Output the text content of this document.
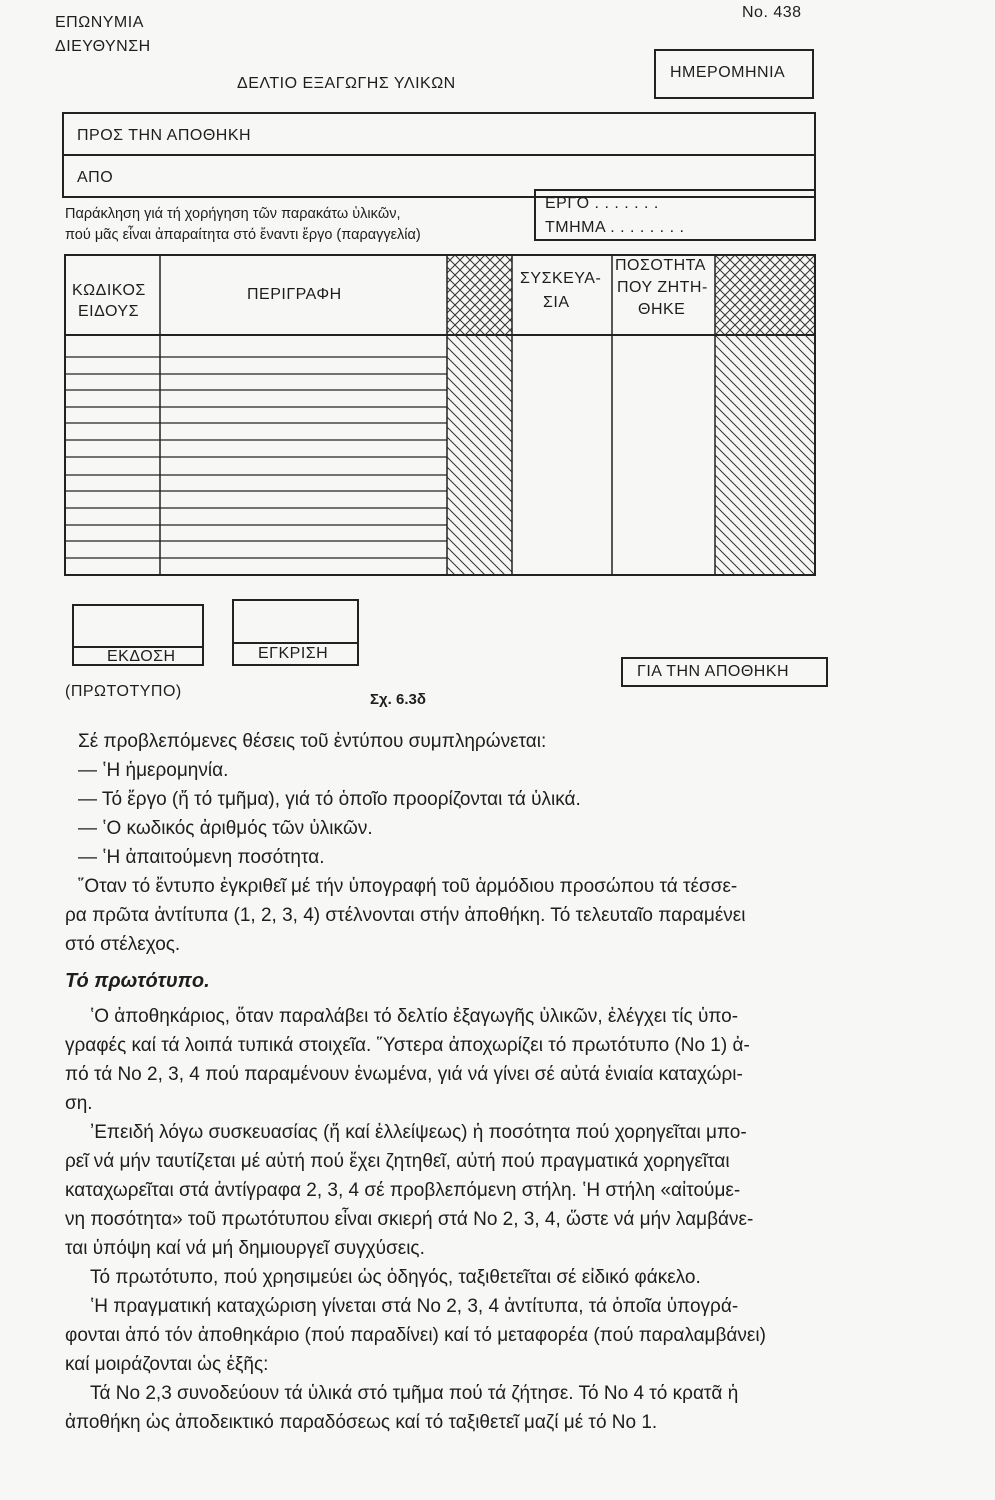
ΕΠΩΝΥΜΙΑ
ΔΙΕΥΘΥΝΣΗ
No. 438
ΔΕΛΤΙΟ ΕΞΑΓΩΓΗΣ ΥΛΙΚΩΝ
ΗΜΕΡΟΜΗΝΙΑ
ΠΡΟΣ ΤΗΝ ΑΠΟΘΗΚΗ
ΑΠΟ
Παράκληση γιά τή χορήγηση τῶν παρακάτω ὑλικῶν,
πού μᾶς εἶναι ἀπαραίτητα στό ἔναντι ἔργο (παραγγελία)
ΕΡΓΟ . . . . . . .
ΤΜΗΜΑ . . . . . . . .
ΚΩΔΙΚΟΣ
ΕΙΔΟΥΣ
ΠΕΡΙΓΡΑΦΗ
ΣΥΣΚΕΥΑ-
ΣΙΑ
ΠΟΣΟΤΗΤΑ
ΠΟΥ ΖΗΤΗ-
ΘΗΚΕ
ΕΚΔΟΣΗ	ΕΓΚΡΙΣΗ
ΓΙΑ ΤΗΝ ΑΠΟΘΗΚΗ
(ΠΡΩΤΟΤΥΠΟ)	Σχ. 6.3δ
Σέ προβλεπόμενες θέσεις τοῦ ἐντύπου συμπληρώνεται:
— ʽΗ ἡμερομηνία.
— Τό ἔργο (ἤ τό τμῆμα), γιά τό ὁποῖο προορίζονται τά ὑλικά.
— ʽΟ κωδικός ἀριθμός τῶν ὑλικῶν.
— ʽΗ ἀπαιτούμενη ποσότητα.
῞Οταν τό ἔντυπο ἐγκριθεῖ μέ τήν ὑπογραφή τοῦ ἁρμόδιου προσώπου τά τέσσε-
ρα πρῶτα ἀντίτυπα (1, 2, 3, 4) στέλνονται στήν ἀποθήκη. Τό τελευταῖο παραμένει
στό στέλεχος.
Τό πρωτότυπο.
ʽΟ ἀποθηκάριος, ὅταν παραλάβει τό δελτίο ἐξαγωγῆς ὑλικῶν, ἐλέγχει τίς ὑπο-
γραφές καί τά λοιπά τυπικά στοιχεῖα. ῞Υστερα ἀποχωρίζει τό πρωτότυπο (No 1) ἀ-
πό τά No 2, 3, 4 πού παραμένουν ἑνωμένα, γιά νά γίνει σέ αὐτά ἑνιαία καταχώρι-
ση.
ʼΕπειδή λόγω συσκευασίας (ἤ καί ἐλλείψεως) ἡ ποσότητα πού χορηγεῖται μπο-
ρεῖ νά μήν ταυτίζεται μέ αὐτή πού ἔχει ζητηθεῖ, αὐτή πού πραγματικά χορηγεῖται
καταχωρεῖται στά ἀντίγραφα 2, 3, 4 σέ προβλεπόμενη στήλη. ʽΗ στήλη «αἰτούμε-
νη ποσότητα» τοῦ πρωτότυπου εἶναι σκιερή στά No 2, 3, 4, ὥστε νά μήν λαμβάνε-
ται ὑπόψη καί νά μή δημιουργεῖ συγχύσεις.
Τό πρωτότυπο, πού χρησιμεύει ὡς ὁδηγός, ταξιθετεῖται σέ εἰδικό φάκελο.
ʽΗ πραγματική καταχώριση γίνεται στά No 2, 3, 4 ἀντίτυπα, τά ὁποῖα ὑπογρά-
φονται ἀπό τόν ἀποθηκάριο (πού παραδίνει) καί τό μεταφορέα (πού παραλαμβάνει)
καί μοιράζονται ὡς ἑξῆς:
Τά No 2,3 συνοδεύουν τά ὑλικά στό τμῆμα πού τά ζήτησε. Τό No 4 τό κρατᾶ ἡ
ἀποθήκη ὡς ἀποδεικτικό παραδόσεως καί τό ταξιθετεῖ μαζί μέ τό No 1.
